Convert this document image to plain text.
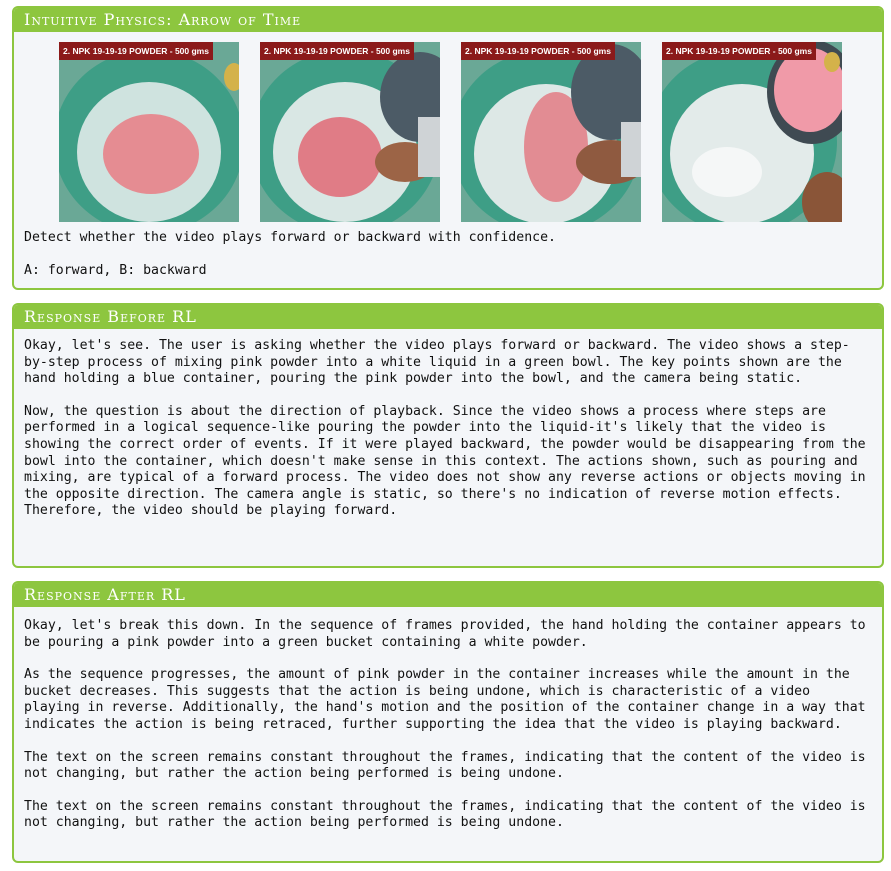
Intuitive Physics: Arrow of Time
2. NPK 19-19-19 POWDER - 500 gms	2. NPK 19-19-19 POWDER - 500 gms	2. NPK 19-19-19 POWDER - 500 gms	2. NPK 19-19-19 POWDER - 500 gms
Detect whether the video plays forward or backward with confidence.
A: forward, B: backward
Response Before RL

Okay, let's see. The user is asking whether the video plays forward or backward. The video shows a step-by-step process of mixing pink powder into a white liquid in a green bowl. The key points shown are the hand holding a blue container, pouring the pink powder into the bowl, and the camera being static.

Now, the question is about the direction of playback. Since the video shows a process where steps are performed in a logical sequence-like pouring the powder into the liquid-it's likely that the video is showing the correct order of events. If it were played backward, the powder would be disappearing from the bowl into the container, which doesn't make sense in this context. The actions shown, such as pouring and mixing, are typical of a forward process. The video does not show any reverse actions or objects moving in the opposite direction. The camera angle is static, so there's no indication of reverse motion effects. Therefore, the video should be playing forward.

Response After RL

Okay, let's break this down. In the sequence of frames provided, the hand holding the container appears to be pouring a pink powder into a green bucket containing a white powder.

As the sequence progresses, the amount of pink powder in the container increases while the amount in the bucket decreases. This suggests that the action is being undone, which is characteristic of a video playing in reverse. Additionally, the hand's motion and the position of the container change in a way that indicates the action is being retraced, further supporting the idea that the video is playing backward.

The text on the screen remains constant throughout the frames, indicating that the content of the video is not changing, but rather the action being performed is being undone.

The text on the screen remains constant throughout the frames, indicating that the content of the video is not changing, but rather the action being performed is being undone.
